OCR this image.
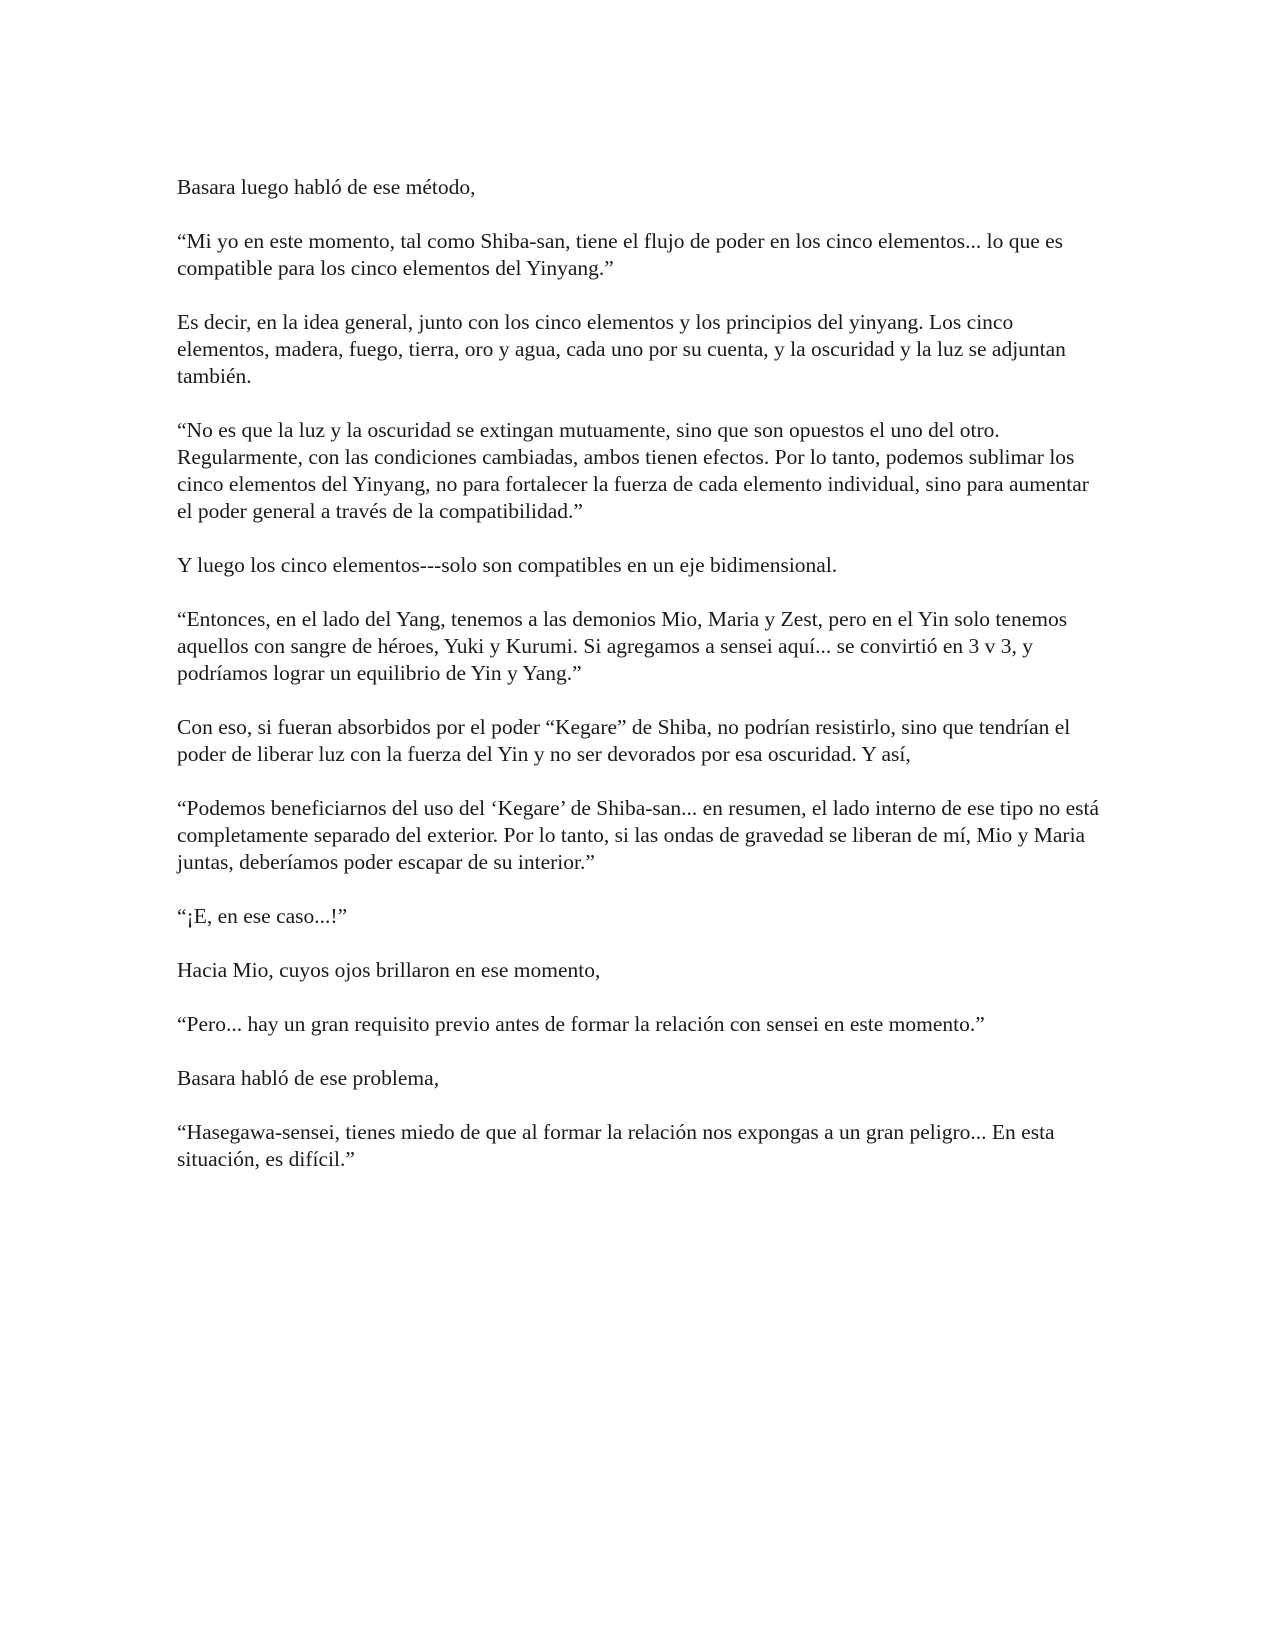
Basara luego habló de ese método,

“Mi yo en este momento, tal como Shiba-san, tiene el flujo de poder en los cinco elementos... lo que es compatible para los cinco elementos del Yinyang.”

Es decir, en la idea general, junto con los cinco elementos y los principios del yinyang. Los cinco elementos, madera, fuego, tierra, oro y agua, cada uno por su cuenta, y la oscuridad y la luz se adjuntan también.

“No es que la luz y la oscuridad se extingan mutuamente, sino que son opuestos el uno del otro. Regularmente, con las condiciones cambiadas, ambos tienen efectos. Por lo tanto, podemos sublimar los cinco elementos del Yinyang, no para fortalecer la fuerza de cada elemento individual, sino para aumentar el poder general a través de la compatibilidad.”

Y luego los cinco elementos---solo son compatibles en un eje bidimensional.

“Entonces, en el lado del Yang, tenemos a las demonios Mio, Maria y Zest, pero en el Yin solo tenemos aquellos con sangre de héroes, Yuki y Kurumi. Si agregamos a sensei aquí... se convirtió en 3 v 3, y podríamos lograr un equilibrio de Yin y Yang.”

Con eso, si fueran absorbidos por el poder “Kegare” de Shiba, no podrían resistirlo, sino que tendrían el poder de liberar luz con la fuerza del Yin y no ser devorados por esa oscuridad. Y así,

“Podemos beneficiarnos del uso del ‘Kegare’ de Shiba-san... en resumen, el lado interno de ese tipo no está completamente separado del exterior. Por lo tanto, si las ondas de gravedad se liberan de mí, Mio y Maria juntas, deberíamos poder escapar de su interior.”

“¡E, en ese caso...!”

Hacia Mio, cuyos ojos brillaron en ese momento,

“Pero... hay un gran requisito previo antes de formar la relación con sensei en este momento.”

Basara habló de ese problema,

“Hasegawa-sensei, tienes miedo de que al formar la relación nos expongas a un gran peligro... En esta situación, es difícil.”
